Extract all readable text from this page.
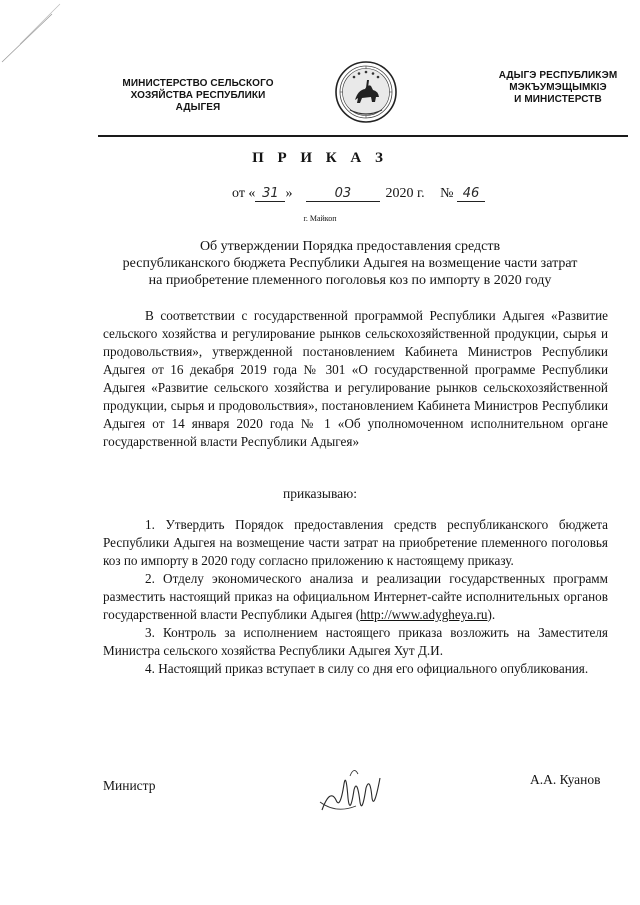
МИНИСТЕРСТВО СЕЛЬСКОГО
ХОЗЯЙСТВА РЕСПУБЛИКИ
АДЫГЕЯ
АДЫГЭ РЕСПУБЛИКЭМ
МЭКЪУМЭЩЫМКIЭ
И МИНИСТЕРСТВ
П Р И К А З
от « 31 »	03 2020 г. № 46
г. Майкоп
Об утверждении Порядка предоставления средств
республиканского бюджета Республики Адыгея на возмещение части затрат
на приобретение племенного поголовья коз по импорту в 2020 году
В соответствии с государственной программой Республики Адыгея «Развитие сельского хозяйства и регулирование рынков сельскохозяйственной продукции, сырья и продовольствия», утвержденной постановлением Кабинета Министров Республики Адыгея от 16 декабря 2019 года № 301 «О государственной программе Республики Адыгея «Развитие сельского хозяйства и регулирование рынков сельскохозяйственной продукции, сырья и продовольствия», постановлением Кабинета Министров Республики Адыгея от 14 января 2020 года № 1 «Об уполномоченном исполнительном органе государственной власти Республики Адыгея»
приказываю:

1. Утвердить Порядок предоставления средств республиканского бюджета Республики Адыгея на возмещение части затрат на приобретение племенного поголовья коз по импорту в 2020 году согласно приложению к настоящему приказу.

2. Отделу экономического анализа и реализации государственных программ разместить настоящий приказ на официальном Интернет-сайте исполнительных органов государственной власти Республики Адыгея (http://www.adygheya.ru).

3. Контроль за исполнением настоящего приказа возложить на Заместителя Министра сельского хозяйства Республики Адыгея Хут Д.И.

4. Настоящий приказ вступает в силу со дня его официального опубликования.

Министр	А.А. Куанов
